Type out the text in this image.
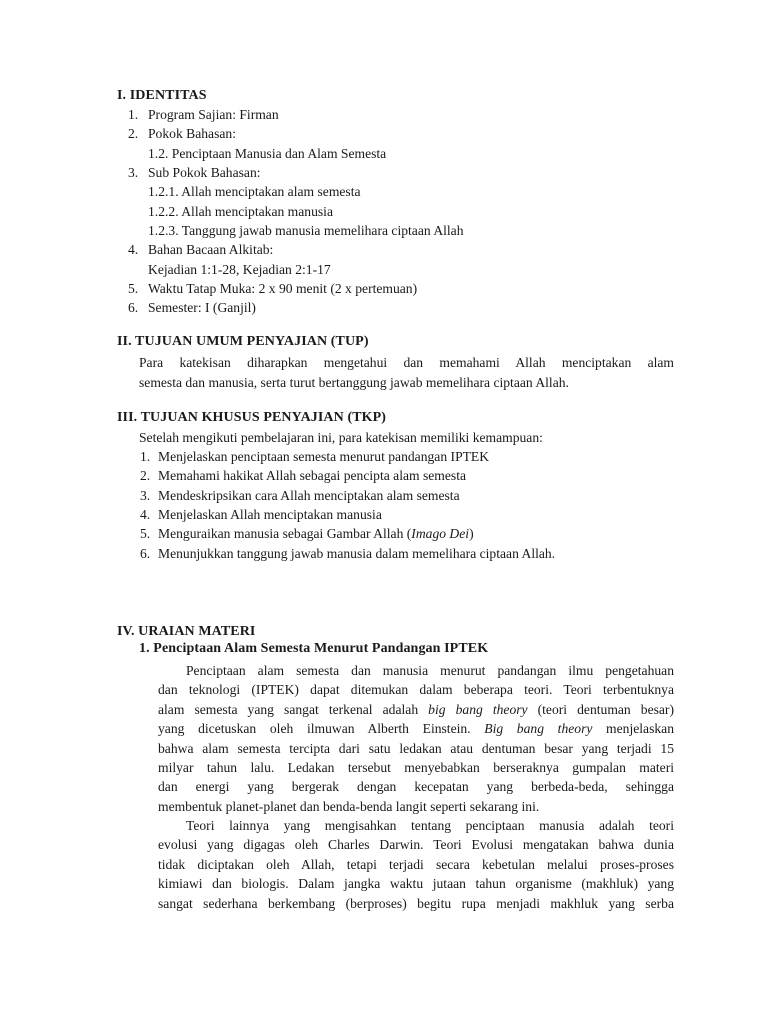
I. IDENTITAS
1. Program Sajian: Firman
2. Pokok Bahasan:
1.2. Penciptaan Manusia dan Alam Semesta
3. Sub Pokok Bahasan:
1.2.1. Allah menciptakan alam semesta
1.2.2. Allah menciptakan manusia
1.2.3. Tanggung jawab manusia memelihara ciptaan Allah
4. Bahan Bacaan Alkitab:
Kejadian 1:1-28, Kejadian 2:1-17
5. Waktu Tatap Muka: 2 x 90 menit (2 x pertemuan)
6. Semester: I (Ganjil)
II. TUJUAN UMUM PENYAJIAN (TUP)
Para katekisan diharapkan mengetahui dan memahami Allah menciptakan alam
semesta dan manusia, serta turut bertanggung jawab memelihara ciptaan Allah.
III. TUJUAN KHUSUS PENYAJIAN (TKP)
Setelah mengikuti pembelajaran ini, para katekisan memiliki kemampuan:
1. Menjelaskan penciptaan semesta menurut pandangan IPTEK
2. Memahami hakikat Allah sebagai pencipta alam semesta
3. Mendeskripsikan cara Allah menciptakan alam semesta
4. Menjelaskan Allah menciptakan manusia
5. Menguraikan manusia sebagai Gambar Allah (Imago Dei)
6. Menunjukkan tanggung jawab manusia dalam memelihara ciptaan Allah.
IV. URAIAN MATERI
1. Penciptaan Alam Semesta Menurut Pandangan IPTEK
Penciptaan alam semesta dan manusia menurut pandangan ilmu pengetahuan
dan teknologi (IPTEK) dapat ditemukan dalam beberapa teori. Teori terbentuknya
alam semesta yang sangat terkenal adalah big bang theory (teori dentuman besar)
yang dicetuskan oleh ilmuwan Alberth Einstein. Big bang theory menjelaskan
bahwa alam semesta tercipta dari satu ledakan atau dentuman besar yang terjadi 15
milyar tahun lalu. Ledakan tersebut menyebabkan berseraknya gumpalan materi
dan energi yang bergerak dengan kecepatan yang berbeda-beda, sehingga
membentuk planet-planet dan benda-benda langit seperti sekarang ini.
Teori lainnya yang mengisahkan tentang penciptaan manusia adalah teori
evolusi yang digagas oleh Charles Darwin. Teori Evolusi mengatakan bahwa dunia
tidak diciptakan oleh Allah, tetapi terjadi secara kebetulan melalui proses-proses
kimiawi dan biologis. Dalam jangka waktu jutaan tahun organisme (makhluk) yang
sangat sederhana berkembang (berproses) begitu rupa menjadi makhluk yang serba
